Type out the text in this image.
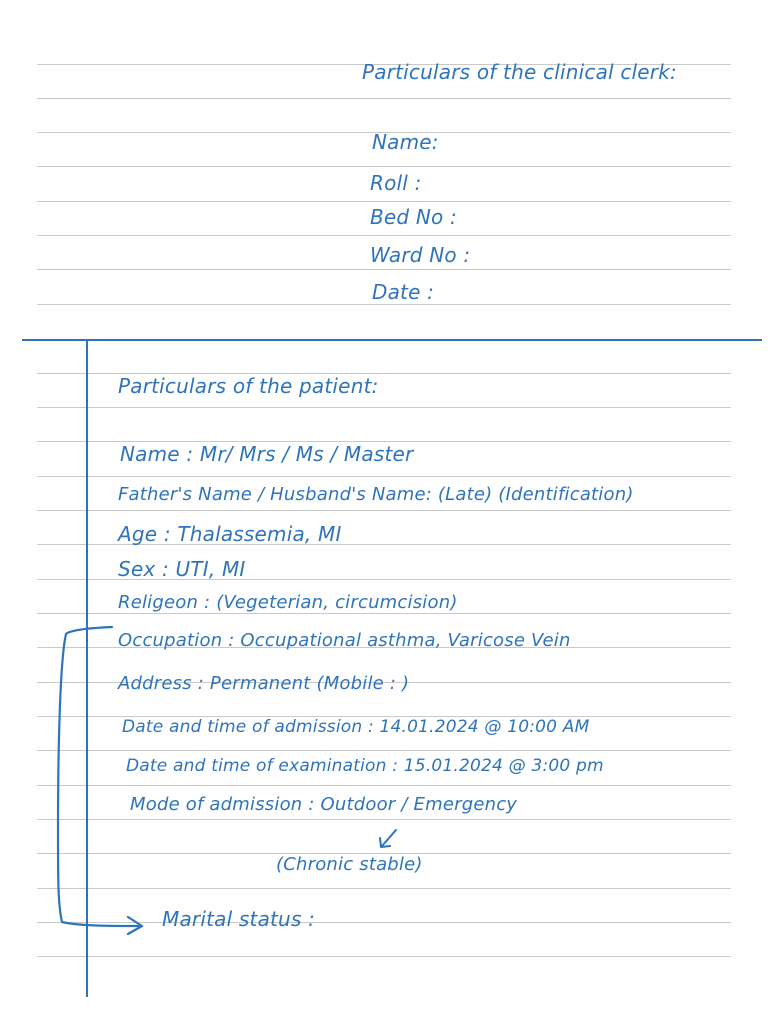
Particulars of the clinical clerk:

Name:

Roll :

Bed No :

Ward No :

Date :

Particulars of the patient:

Name : Mr/ Mrs / Ms / Master

Father's Name / Husband's Name: (Late) (Identification)

Age : Thalassemia, MI

Sex : UTI, MI

Religeon : (Vegeterian, circumcision)

Occupation : Occupational asthma, Varicose Vein

Address : Permanent (Mobile : )

Date and time of admission : 14.01.2024 @ 10:00 AM

Date and time of examination : 15.01.2024 @ 3:00 pm

Mode of admission : Outdoor / Emergency

(Chronic stable)

Marital status :
